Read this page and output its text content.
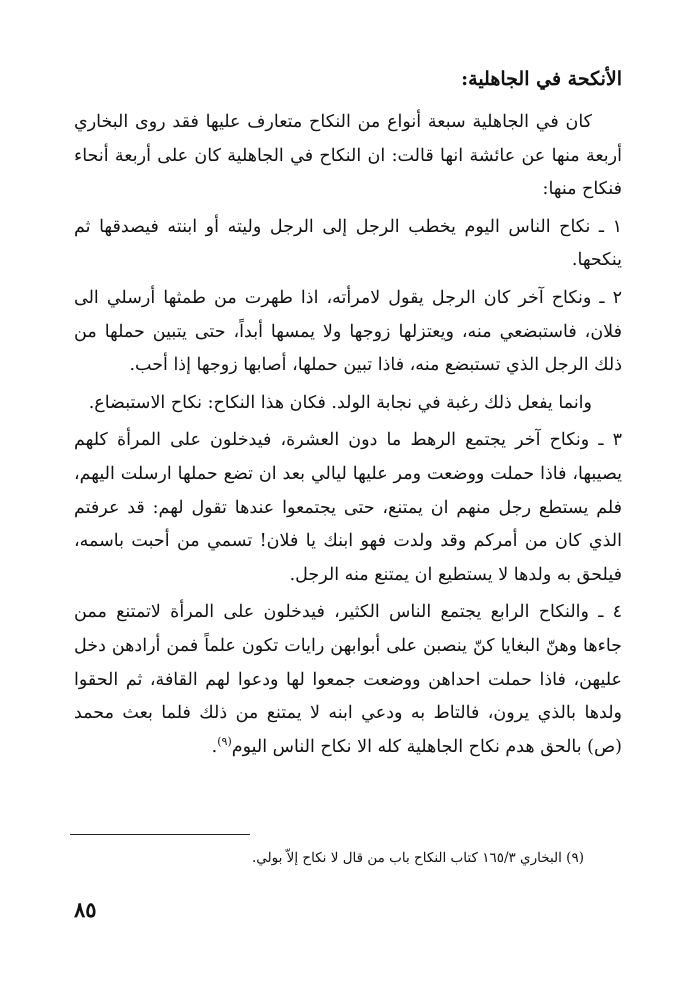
الأنكحة في الجاهلية:

كان في الجاهلية سبعة أنواع من النكاح متعارف عليها فقد روى البخاري أربعة منها عن عائشة انها قالت: ان النكاح في الجاهلية كان على أربعة أنحاء فنكاح منها:

١ ـ نكاح الناس اليوم يخطب الرجل إلى الرجل وليته أو ابنته فيصدقها ثم ينكحها.

٢ ـ ونكاح آخر كان الرجل يقول لامرأته، اذا طهرت من طمثها أرسلي الى فلان، فاستبضعي منه، ويعتزلها زوجها ولا يمسها أبداً، حتى يتبين حملها من ذلك الرجل الذي تستبضع منه، فاذا تبين حملها، أصابها زوجها إذا أحب.

وانما يفعل ذلك رغبة في نجابة الولد. فكان هذا النكاح: نكاح الاستبضاع.

٣ ـ ونكاح آخر يجتمع الرهط ما دون العشرة، فيدخلون على المرأة كلهم يصيبها، فاذا حملت ووضعت ومر عليها ليالي بعد ان تضع حملها ارسلت اليهم، فلم يستطع رجل منهم ان يمتنع، حتى يجتمعوا عندها تقول لهم: قد عرفتم الذي كان من أمركم وقد ولدت فهو ابنك يا فلان! تسمي من أحبت باسمه، فيلحق به ولدها لا يستطيع ان يمتنع منه الرجل.

٤ ـ والنكاح الرابع يجتمع الناس الكثير، فيدخلون على المرأة لاتمتنع ممن جاءها وهنّ البغايا كنّ ينصبن على أبوابهن رايات تكون علماً فمن أرادهن دخل عليهن، فاذا حملت احداهن ووضعت جمعوا لها ودعوا لهم القافة، ثم الحقوا ولدها بالذي يرون، فالتاط به ودعي ابنه لا يمتنع من ذلك فلما بعث محمد (ص) بالحق هدم نكاح الجاهلية كله الا نكاح الناس اليوم$^{(٩)}$.

(٩) البخاري ١٦٥/٣ كتاب النكاح باب من قال لا نكاح إلاّ بولي.
٨٥
